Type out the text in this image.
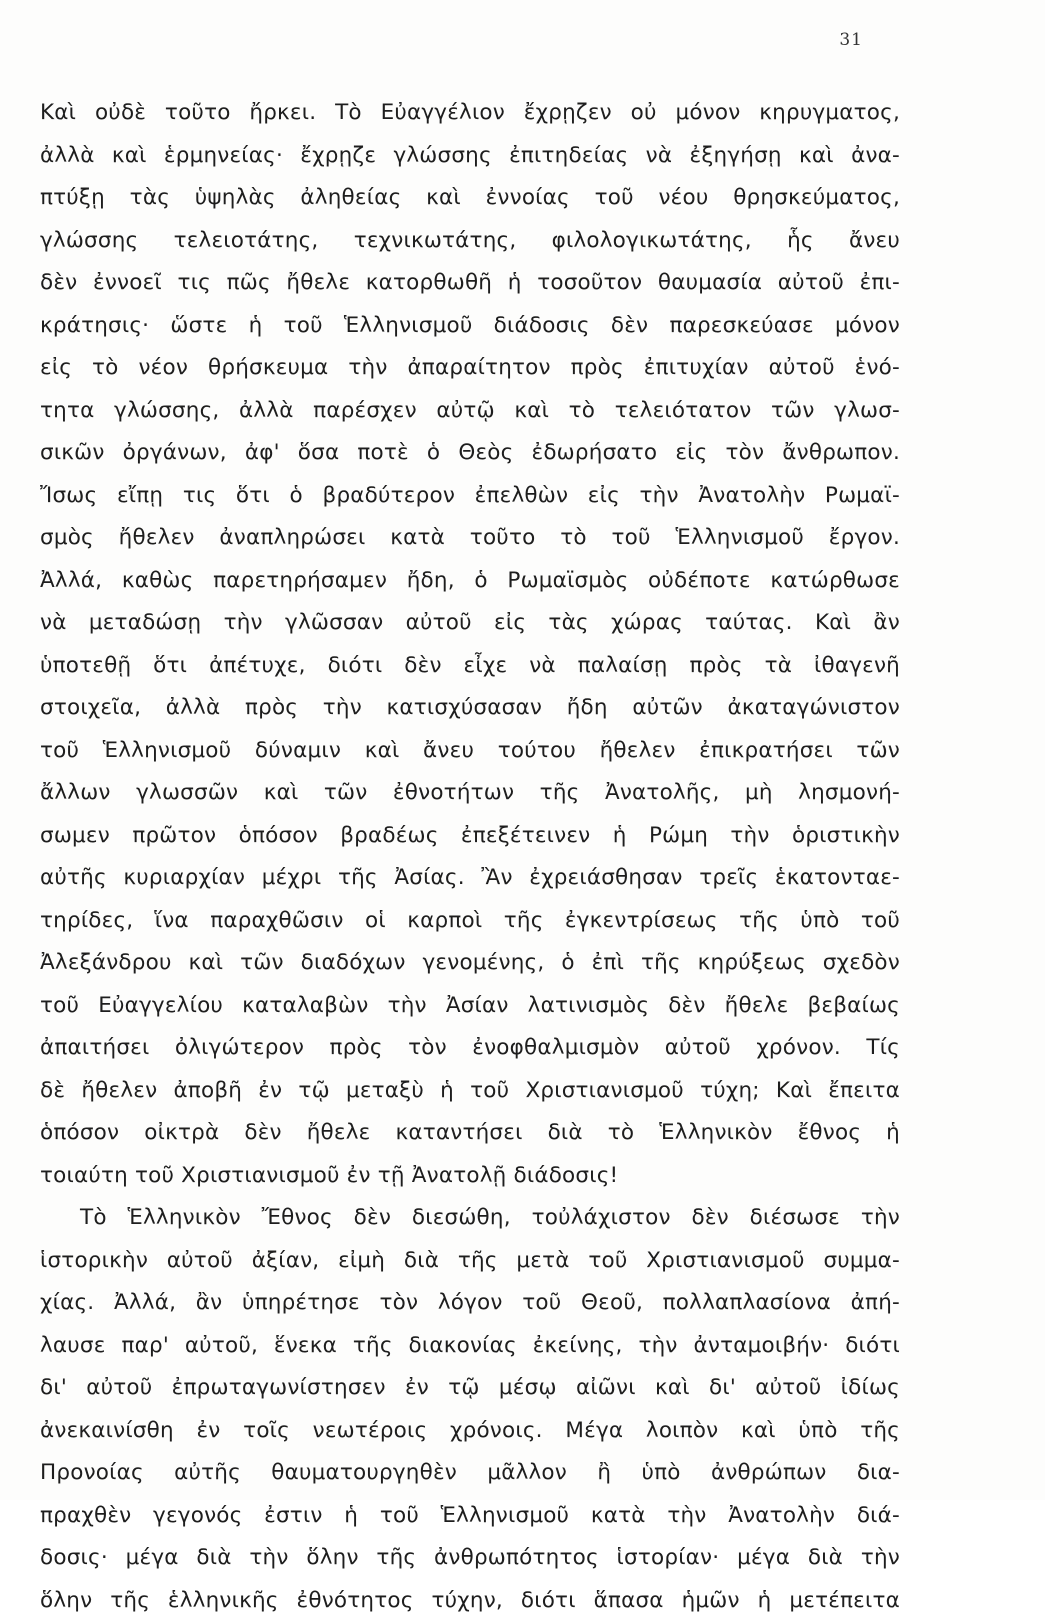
31
Καὶ οὐδὲ τοῦτο ἤρκει. Τὸ Εὐαγγέλιον ἔχρῃζεν οὐ μόνον κηρυγματος,
ἀλλὰ καὶ ἑρμηνείας· ἔχρῃζε γλώσσης ἐπιτηδείας νὰ ἐξηγήσῃ καὶ ἀνα-
πτύξῃ τὰς ὑψηλὰς ἀληθείας καὶ ἐννοίας τοῦ νέου θρησκεύματος,
γλώσσης τελειοτάτης, τεχνικωτάτης, φιλολογικωτάτης, ἧς ἄνευ
δὲν ἐννοεῖ τις πῶς ἤθελε κατορθωθῆ ἡ τοσοῦτον θαυμασία αὐτοῦ ἐπι-
κράτησις· ὥστε ἡ τοῦ Ἑλληνισμοῦ διάδοσις δὲν παρεσκεύασε μόνον
εἰς τὸ νέον θρήσκευμα τὴν ἀπαραίτητον πρὸς ἐπιτυχίαν αὐτοῦ ἑνό-
τητα γλώσσης, ἀλλὰ παρέσχεν αὐτῷ καὶ τὸ τελειότατον τῶν γλωσ-
σικῶν ὀργάνων, ἀφ' ὅσα ποτὲ ὁ Θεὸς ἐδωρήσατο εἰς τὸν ἄνθρωπον.
Ἴσως εἴπῃ τις ὅτι ὁ βραδύτερον ἐπελθὼν εἰς τὴν Ἀνατολὴν Ρωμαϊ-
σμὸς ἤθελεν ἀναπληρώσει κατὰ τοῦτο τὸ τοῦ Ἑλληνισμοῦ ἔργον.
Ἀλλά, καθὼς παρετηρήσαμεν ἤδη, ὁ Ρωμαϊσμὸς οὐδέποτε κατώρθωσε
νὰ μεταδώσῃ τὴν γλῶσσαν αὐτοῦ εἰς τὰς χώρας ταύτας. Καὶ ἂν
ὑποτεθῇ ὅτι ἀπέτυχε, διότι δὲν εἶχε νὰ παλαίσῃ πρὸς τὰ ἰθαγενῆ
στοιχεῖα, ἀλλὰ πρὸς τὴν κατισχύσασαν ἤδη αὐτῶν ἀκαταγώνιστον
τοῦ Ἑλληνισμοῦ δύναμιν καὶ ἄνευ τούτου ἤθελεν ἐπικρατήσει τῶν
ἄλλων γλωσσῶν καὶ τῶν ἐθνοτήτων τῆς Ἀνατολῆς, μὴ λησμονή-
σωμεν πρῶτον ὁπόσον βραδέως ἐπεξέτεινεν ἡ Ρώμη τὴν ὁριστικὴν
αὐτῆς κυριαρχίαν μέχρι τῆς Ἀσίας. Ἂν ἐχρειάσθησαν τρεῖς ἑκατονταε-
τηρίδες, ἵνα παραχθῶσιν οἱ καρποὶ τῆς ἐγκεντρίσεως τῆς ὑπὸ τοῦ
Ἀλεξάνδρου καὶ τῶν διαδόχων γενομένης, ὁ ἐπὶ τῆς κηρύξεως σχεδὸν
τοῦ Εὐαγγελίου καταλαβὼν τὴν Ἀσίαν λατινισμὸς δὲν ἤθελε βεβαίως
ἀπαιτήσει ὀλιγώτερον πρὸς τὸν ἐνοφθαλμισμὸν αὐτοῦ χρόνον. Τίς
δὲ ἤθελεν ἀποβῆ ἐν τῷ μεταξὺ ἡ τοῦ Χριστιανισμοῦ τύχη; Καὶ ἔπειτα
ὁπόσον οἰκτρὰ δὲν ἤθελε καταντήσει διὰ τὸ Ἑλληνικὸν ἔθνος ἡ
τοιαύτη τοῦ Χριστιανισμοῦ ἐν τῇ Ἀνατολῇ διάδοσις!
Τὸ Ἑλληνικὸν Ἔθνος δὲν διεσώθη, τοὐλάχιστον δὲν διέσωσε τὴν
ἱστορικὴν αὐτοῦ ἀξίαν, εἰμὴ διὰ τῆς μετὰ τοῦ Χριστιανισμοῦ συμμα-
χίας. Ἀλλά, ἂν ὑπηρέτησε τὸν λόγον τοῦ Θεοῦ, πολλαπλασίονα ἀπή-
λαυσε παρ' αὐτοῦ, ἕνεκα τῆς διακονίας ἐκείνης, τὴν ἀνταμοιβήν· διότι
δι' αὐτοῦ ἐπρωταγωνίστησεν ἐν τῷ μέσῳ αἰῶνι καὶ δι' αὐτοῦ ἰδίως
ἀνεκαινίσθη ἐν τοῖς νεωτέροις χρόνοις. Μέγα λοιπὸν καὶ ὑπὸ τῆς
Προνοίας αὐτῆς θαυματουργηθὲν μᾶλλον ἢ ὑπὸ ἀνθρώπων δια-
πραχθὲν γεγονός ἐστιν ἡ τοῦ Ἑλληνισμοῦ κατὰ τὴν Ἀνατολὴν διά-
δοσις· μέγα διὰ τὴν ὅλην τῆς ἀνθρωπότητος ἱστορίαν· μέγα διὰ τὴν
ὅλην τῆς ἑλληνικῆς ἐθνότητος τύχην, διότι ἅπασα ἡμῶν ἡ μετέπειτα
